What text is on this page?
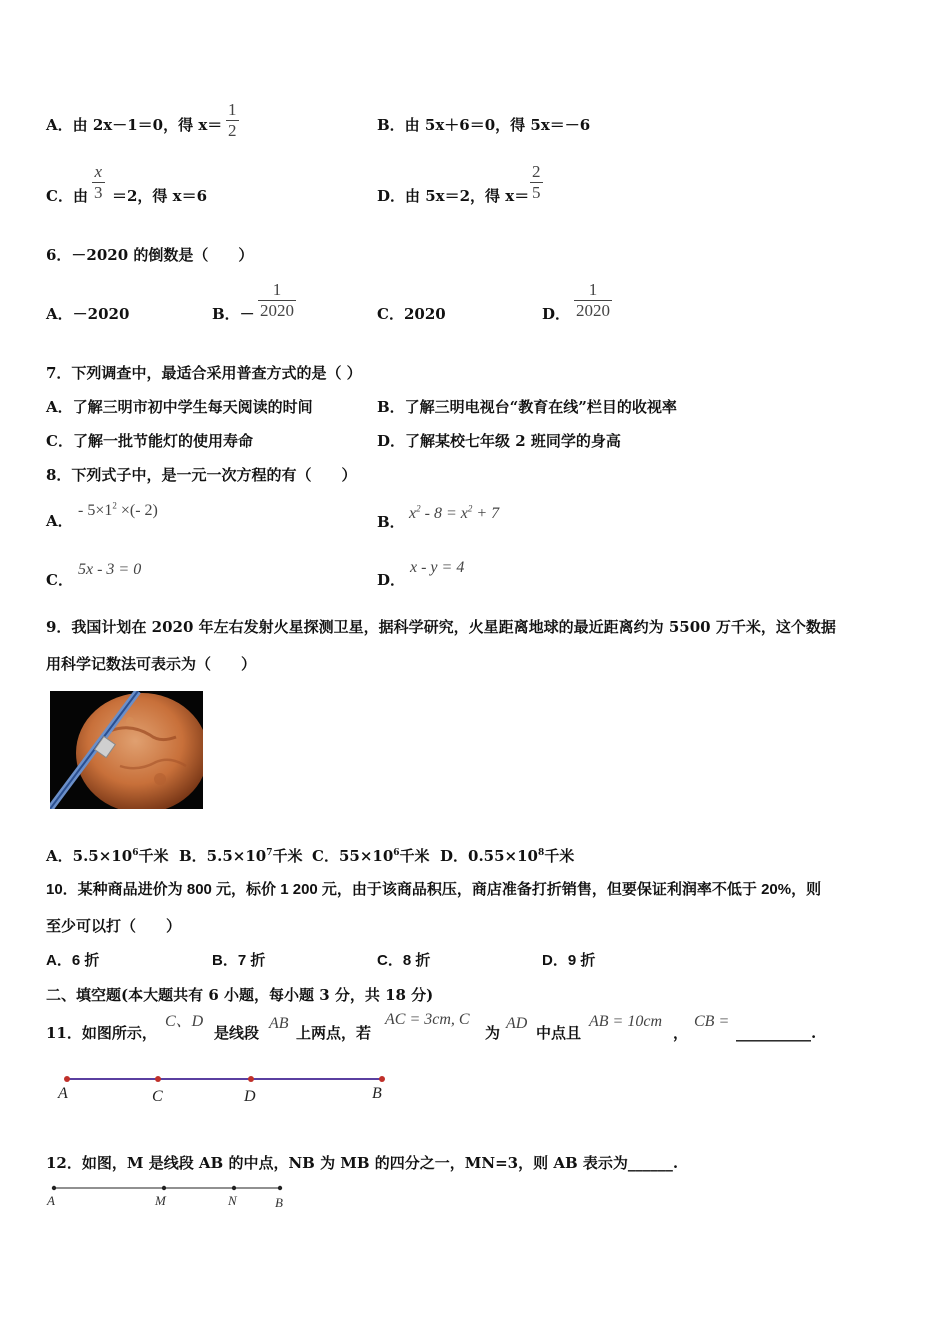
A．由 2x－1＝0，得 $x= \frac{1}{2}$	B．由 5x＋6＝0，得 5x＝－6
C．由 $\frac{x}{3} =2$，得 x＝6	D．由 5x＝2，得 $x= \frac{2}{5}$
6．－2020 的倒数是（　　）
A．－2020	B．－ $\frac{1}{2020}$	C．2020	D． $\frac{1}{2020}$
7．下列调查中，最适合采用普查方式的是（ ）
A．了解三明市初中学生每天阅读的时间	B．了解三明电视台“教育在线”栏目的收视率
C．了解一批节能灯的使用寿命	D．了解某校七年级 2 班同学的身高
8．下列式子中，是一元一次方程的有（　　）
A．
- $5\times 1^2$ ×(- 2)
B． $x^2 - 8 = x^2 + 7$
C．
5x - 3 = 0
D．
x - y = 4
9．我国计划在 2020 年左右发射火星探测卫星，据科学研究，火星距离地球的最近距离约为 5500 万千米，这个数据
用科学记数法可表示为（　　）
A．$5.5\times 10^6$千米 B．$5.5\times 10^7$千米 C．$55\times 10^6$千米 D．$0.55\times 10^8$千米
10．某种商品进价为 800 元，标价 1 200 元，由于该商品积压，商店准备打折销售，但要保证利润率不低于 20%，则
至少可以打（　　）
A．6 折	B．7 折	C．8 折	D．9 折
二、填空题(本大题共有 6 小题，每小题 3 分，共 18 分)
11．如图所示，
C、D
是线段
AB
上两点，若
AC = 3cm, C
为
AD
中点且
AB = 10cm
，
CB =
__________.
A	C	D	B
12．如图，M 是线段 AB 的中点，NB 为 MB 的四分之一，MN=3，则 AB 表示为______.
A	M	N	B
